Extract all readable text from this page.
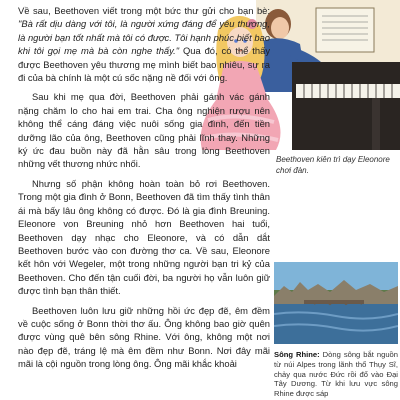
Về sau, Beethoven viết trong một bức thư gửi cho bạn bè: "Bà rất dịu dàng với tôi, là người xứng đáng để yêu thương, là người bạn tốt nhất mà tôi có được. Tôi hạnh phúc biết bao khi tôi gọi mẹ mà bà còn nghe thấy." Qua đó, có thể thấy được Beethoven yêu thương mẹ mình biết bao nhiêu, sự ra đi của bà chính là một cú sốc nặng nề đối với ông.

Sau khi mẹ qua đời, Beethoven phải gánh vác gánh nặng chăm lo cho hai em trai. Cha ông nghiện rượu nên không thể cáng đáng việc nuôi sống gia đình, đến tiền dưỡng lão của ông, Beethoven cũng phải lĩnh thay. Những ký ức đau buồn này đã hằn sâu trong lòng Beethoven những vết thương nhức nhối.

Nhưng số phận không hoàn toàn bỏ rơi Beethoven. Trong một gia đình ở Bonn, Beethoven đã tìm thấy tình thân ái mà bấy lâu ông không có được. Đó là gia đình Breuning. Eleonore von Breuning nhỏ hơn Beethoven hai tuổi, Beethoven dạy nhạc cho Eleonore, và có dẫn dắt Beethoven bước vào con đường thơ ca. Về sau, Eleonore kết hôn với Wegeler, một trong những người bạn tri kỷ của Beethoven. Cho đến tận cuối đời, ba người họ vẫn luôn giữ được tình bạn thân thiết.

Beethoven luôn lưu giữ những hồi ức đẹp đẽ, êm đềm về cuộc sống ở Bonn thời thơ ấu. Ông không bao giờ quên được vùng quê bên sông Rhine. Với ông, không một nơi nào đẹp đẽ, tráng lệ mà êm đềm như Bonn. Nơi đây mãi mãi là cội nguồn trong lòng ông. Ông mãi khắc khoải

Beethoven kiên trì dạy Eleonore chơi đàn.
Sông Rhine: Dòng sông bắt nguồn từ núi Alpes trong lãnh thổ Thụy Sĩ, chảy qua nước Đức rồi đổ vào Đại Tây Dương. Từ khi lưu vực sông Rhine được sáp
